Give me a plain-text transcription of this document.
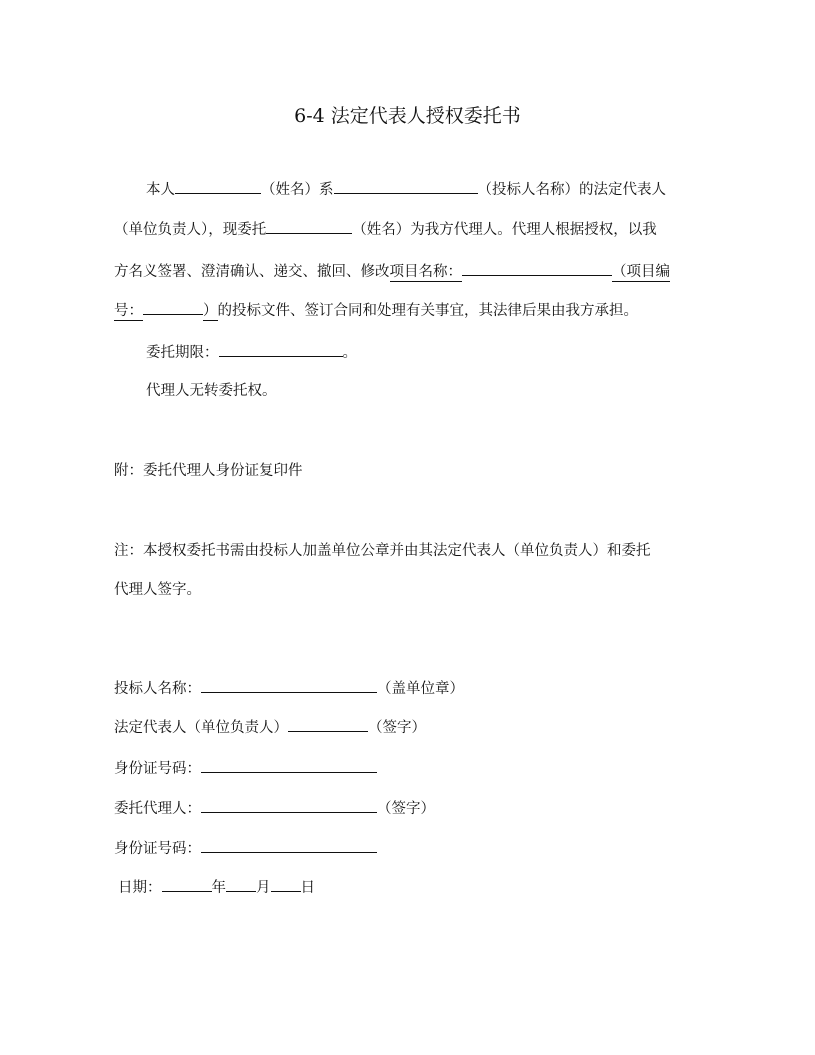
6-4 法定代表人授权委托书
本人	（姓名）系	（投标人名称）的法定代表人
（单位负责人），现委托	（姓名）为我方代理人。代理人根据授权，以我
方名义签署、澄清确认、递交、撤回、修改项目名称：	（项目编
号：	）的投标文件、签订合同和处理有关事宜，其法律后果由我方承担。
委托期限：	。
代理人无转委托权。
附：委托代理人身份证复印件
注：本授权委托书需由投标人加盖单位公章并由其法定代表人（单位负责人）和委托
代理人签字。
投标人名称：	（盖单位章）
法定代表人（单位负责人）	（签字）
身份证号码：
委托代理人：	（签字）
身份证号码：
日期：	年 月 日
